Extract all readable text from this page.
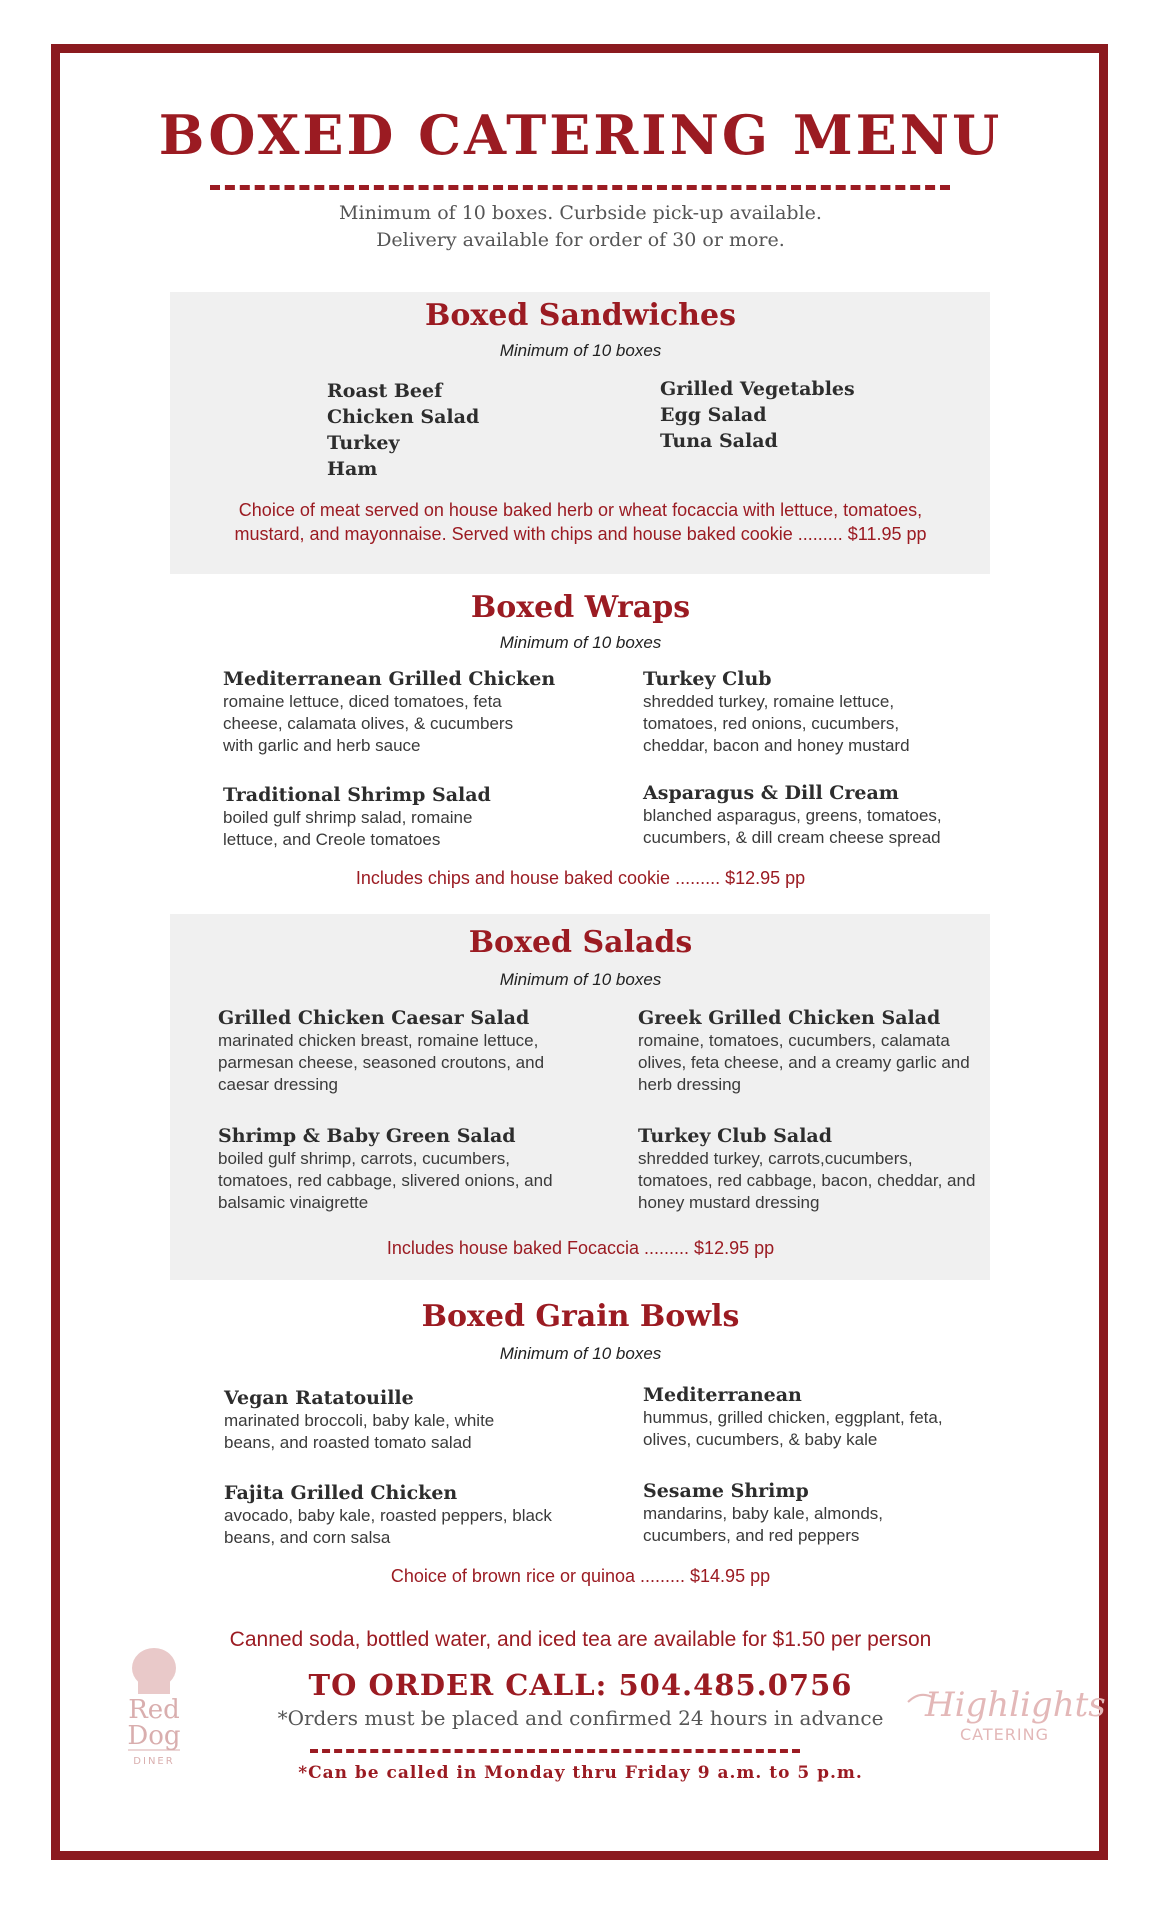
BOXED CATERING MENU
Minimum of 10 boxes. Curbside pick-up available.
Delivery available for order of 30 or more.
Boxed Sandwiches
Minimum of 10 boxes
Roast Beef
Chicken Salad
Turkey
Ham
Grilled Vegetables
Egg Salad
Tuna Salad
Choice of meat served on house baked herb or wheat focaccia with lettuce, tomatoes,
mustard, and mayonnaise. Served with chips and house baked cookie ......... $11.95 pp
Boxed Wraps
Minimum of 10 boxes
Mediterranean Grilled Chicken
romaine lettuce, diced tomatoes, feta cheese, calamata olives, & cucumbers with garlic and herb sauce
Turkey Club
shredded turkey, romaine lettuce, tomatoes, red onions, cucumbers, cheddar, bacon and honey mustard
Traditional Shrimp Salad
boiled gulf shrimp salad, romaine lettuce, and Creole tomatoes
Asparagus & Dill Cream
blanched asparagus, greens, tomatoes, cucumbers, & dill cream cheese spread
Includes chips and house baked cookie ......... $12.95 pp
Boxed Salads
Minimum of 10 boxes
Grilled Chicken Caesar Salad
marinated chicken breast, romaine lettuce, parmesan cheese, seasoned croutons, and caesar dressing
Greek Grilled Chicken Salad
romaine, tomatoes, cucumbers, calamata olives, feta cheese, and a creamy garlic and herb dressing
Shrimp & Baby Green Salad
boiled gulf shrimp, carrots, cucumbers, tomatoes, red cabbage, slivered onions, and balsamic vinaigrette
Turkey Club Salad
shredded turkey, carrots,cucumbers, tomatoes, red cabbage, bacon, cheddar, and honey mustard dressing
Includes house baked Focaccia ......... $12.95 pp
Boxed Grain Bowls
Minimum of 10 boxes
Vegan Ratatouille
marinated broccoli, baby kale, white beans, and roasted tomato salad
Mediterranean
hummus, grilled chicken, eggplant, feta, olives, cucumbers, & baby kale
Fajita Grilled Chicken
avocado, baby kale, roasted peppers, black beans, and corn salsa
Sesame Shrimp
mandarins, baby kale, almonds, cucumbers, and red peppers
Choice of brown rice or quinoa ......... $14.95 pp
Canned soda, bottled water, and iced tea are available for $1.50 per person
Red
Dog
DINER
TO ORDER CALL: 504.485.0756
*Orders must be placed and confirmed 24 hours in advance
*Can be called in Monday thru Friday 9 a.m. to 5 p.m.
Highlights
CATERING
